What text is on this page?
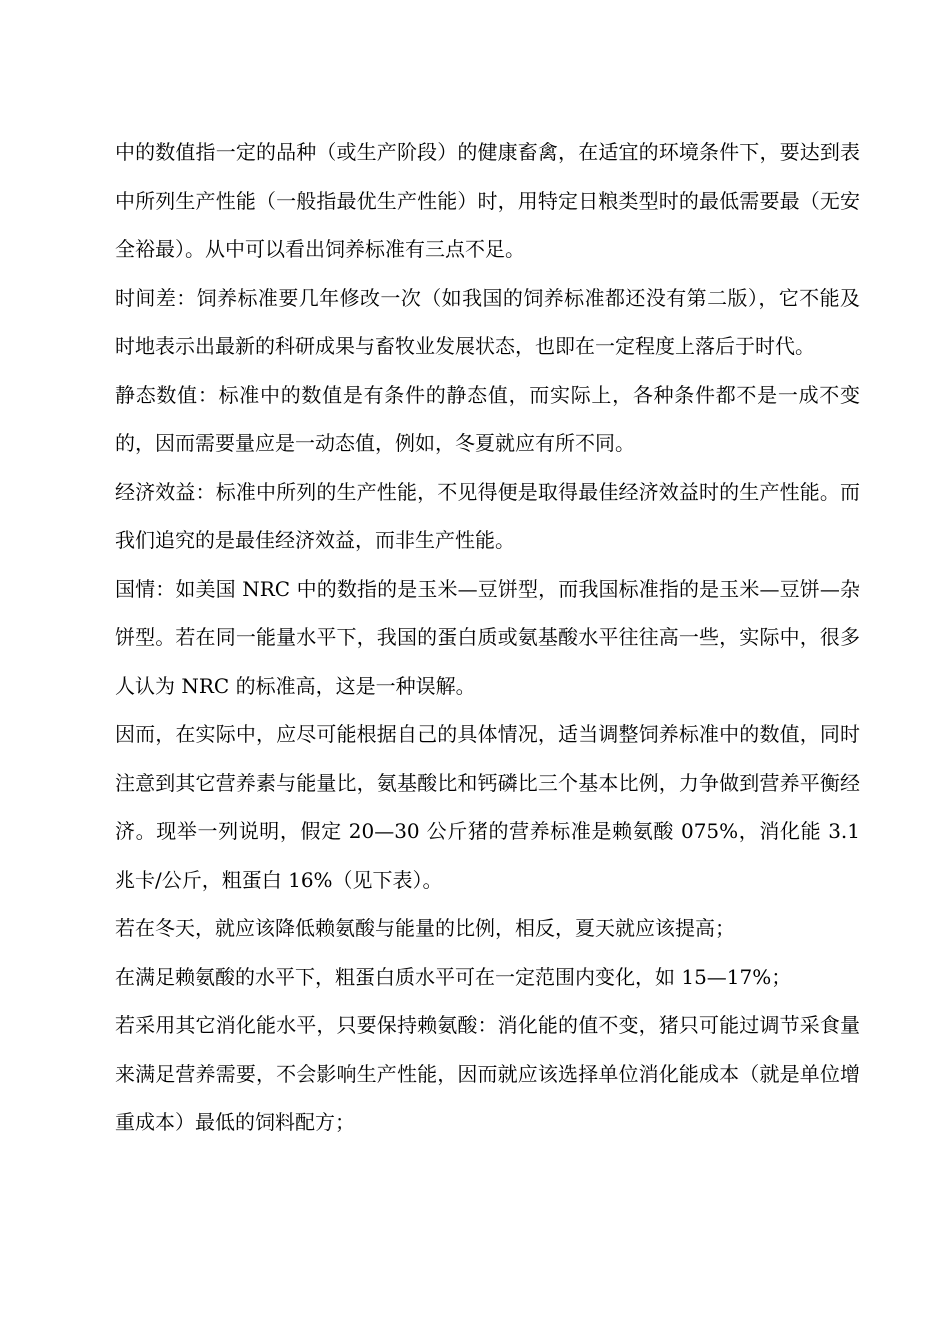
中的数值指一定的品种（或生产阶段）的健康畜禽，在适宜的环境条件下，要达到表中所列生产性能（一般指最优生产性能）时，用特定日粮类型时的最低需要最（无安全裕最）。从中可以看出饲养标准有三点不足。

时间差：饲养标准要几年修改一次（如我国的饲养标准都还没有第二版），它不能及时地表示出最新的科研成果与畜牧业发展状态，也即在一定程度上落后于时代。

静态数值：标准中的数值是有条件的静态值，而实际上，各种条件都不是一成不变的，因而需要量应是一动态值，例如，冬夏就应有所不同。

经济效益：标准中所列的生产性能，不见得便是取得最佳经济效益时的生产性能。而我们追究的是最佳经济效益，而非生产性能。

国情：如美国 NRC 中的数指的是玉米—豆饼型，而我国标准指的是玉米—豆饼—杂饼型。若在同一能量水平下，我国的蛋白质或氨基酸水平往往高一些，实际中，很多人认为 NRC 的标准高，这是一种误解。

因而，在实际中，应尽可能根据自己的具体情况，适当调整饲养标准中的数值，同时注意到其它营养素与能量比，氨基酸比和钙磷比三个基本比例，力争做到营养平衡经济。现举一列说明，假定 20—30 公斤猪的营养标准是赖氨酸 075%，消化能 3.1 兆卡/公斤，粗蛋白 16%（见下表）。

若在冬天，就应该降低赖氨酸与能量的比例，相反，夏天就应该提高；

在满足赖氨酸的水平下，粗蛋白质水平可在一定范围内变化，如 15—17%；

若采用其它消化能水平，只要保持赖氨酸：消化能的值不变，猪只可能过调节采食量来满足营养需要，不会影响生产性能，因而就应该选择单位消化能成本（就是单位增重成本）最低的饲料配方；
